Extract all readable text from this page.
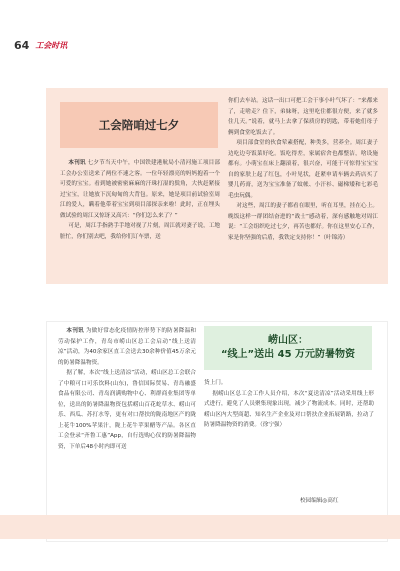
64 工会时讯
工会陪咱过七夕

本刊讯 七夕节当天中午，中国铁建港航局小清河施工项目部工会办公室送来了两位不速之客。一位年轻漂亮的妈妈抱着一个可爱的宝宝。看到她被密密麻麻的汗珠打湿的鬓角，大伙赶紧接过宝宝，让她放下沉甸甸的大背包。原来，她是项目前试验室周江的爱人，瞒着他带着宝宝到项目部探亲来啦！此时，正在埋头做试验的周江又惊讶又高兴：“你们怎么来了？”

可是，周江手指熟手手地对视了片刻，周江就对妻子说，工地脏忙，你们别去吧，我给你们订车票，送

你们去车站。这话一出口可把工会干事小叶气坏了：“来都来了，走啥走？住下，弟妹呀，这里吃住都很方便，来了就多住几天。”说着，就马上去拿了保质房的钥匙，带着她们母子俩到食堂吃饭去了。

项目部食堂的伙食荤素搭配，种类多，营养全。周江妻子边吃边夸饭菜好吃。饭吃得差，家属宿舍也都整洁，啥设施都有。小萌宝在床上翻滚着，很兴奋，可能于可惊得宝宝宝自的家肤上起了红包，小叶见状，赶紧申请车辆去药店买了婴儿药膏，送为宝宝准备了蚊帐、小汗衫、磁梯矮和七彩毛毛虫玩偶。

对这些，周江的妻子都看在眼里，听在耳里，挂在心上。晚饭这样一群团结奋进的“战士”感动着，深有感触地对周江说：“工会组织吃过七夕，再苦也都好。你在这里安心工作，家是你坚强的后盾，我铁定支持你！”（叶锦涛）

崂山区：
“线上”送出 45 万元防暑物资

本刊讯 为做好常态化疫情防控形势下的防暑降温和劳动保护工作，青岛市崂山区总工会启动“线上送清凉”活动，为40余家区直工会送去30余种价值45万余元的防暑降温物资。

据了解，本次“线上送清凉”活动，崂山区总工会联合了中粮可口可乐饮料(山东)，鲁信国际贸易、青岛融盛食品有限公司、青岛润满购物中心、利群商业集团等单位，送出的防暑降温物资包括崂山百花蛇草水、崂山可乐、西瓜、苏打水等，更有对口帮扶的陇南地区产的陇上花牛100%苹果汁，陇上花牛苹果醋等产品。各区直工会登录“齐鲁工惠”App，自行选购心仪的防暑降温物资，下单后48小时内即可送

货上门。

据崂山区总工会工作人员介绍，本次“夏送清凉”活动采用线上形式进行，避免了人员聚集现象出现，减少了物流成本。同时，还帮助崂山区内大型商超、知名生产企业及对口帮扶企业拓展销路，拉动了防暑降温物资的消费。（徐宁强）

校园编辑◎高红
